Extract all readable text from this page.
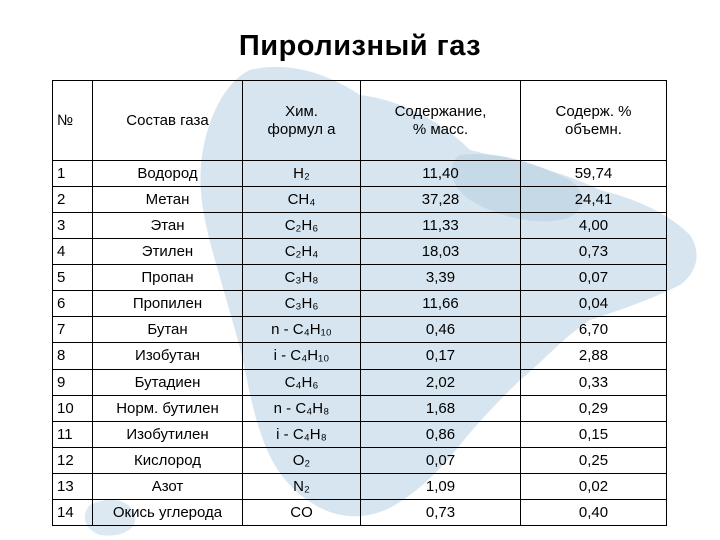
Пиролизный газ
№	Состав газа	Хим. формул а	Содержание, % масс.	Содерж. % объемн.
1	Водород	H₂	11,40	59,74
2	Метан	CH₄	37,28	24,41
3	Этан	C₂H₆	11,33	4,00
4	Этилен	C₂H₄	18,03	0,73
5	Пропан	C₃H₈	3,39	0,07
6	Пропилен	C₃H₆	11,66	0,04
7	Бутан	n - C₄H₁₀	0,46	6,70
8	Изобутан	i - C₄H₁₀	0,17	2,88
9	Бутадиен	C₄H₆	2,02	0,33
10	Норм. бутилен	n - C₄H₈	1,68	0,29
11	Изобутилен	i - C₄H₈	0,86	0,15
12	Кислород	O₂	0,07	0,25
13	Азот	N₂	1,09	0,02
14	Окись углерода	CO	0,73	0,40
